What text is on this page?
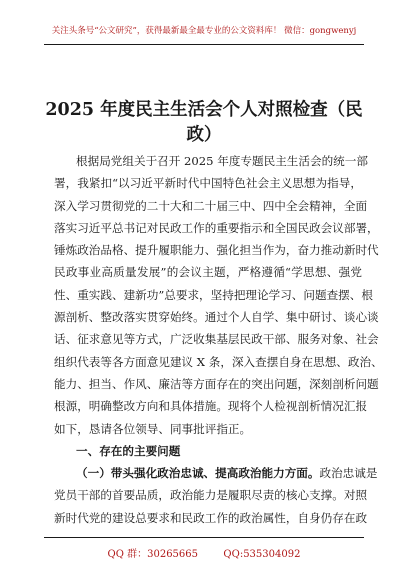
关注头条号“公文研究”，获得最新最全最专业的公文资料库！ 微信：gongwenyj
2025 年度民主生活会个人对照检查（民
政）
根据局党组关于召开 2025 年度专题民主生活会的统一部
署，我紧扣“以习近平新时代中国特色社会主义思想为指导，
深入学习贯彻党的二十大和二十届三中、四中全会精神，全面
落实习近平总书记对民政工作的重要指示和全国民政会议部署，
锤炼政治品格、提升履职能力、强化担当作为，奋力推动新时代
民政事业高质量发展”的会议主题，严格遵循“学思想、强党
性、重实践、建新功”总要求，坚持把理论学习、问题查摆、根
源剖析、整改落实贯穿始终。通过个人自学、集中研讨、谈心谈
话、征求意见等方式，广泛收集基层民政干部、服务对象、社会
组织代表等各方面意见建议 X 条，深入查摆自身在思想、政治、
能力、担当、作风、廉洁等方面存在的突出问题，深刻剖析问题
根源，明确整改方向和具体措施。现将个人检视剖析情况汇报
如下，恳请各位领导、同事批评指正。
一、存在的主要问题
（一）带头强化政治忠诚、提高政治能力方面。政治忠诚是
党员干部的首要品质，政治能力是履职尽责的核心支撑。对照
新时代党的建设总要求和民政工作的政治属性，自身仍存在政
QQ 群：30265665        QQ:535304092
